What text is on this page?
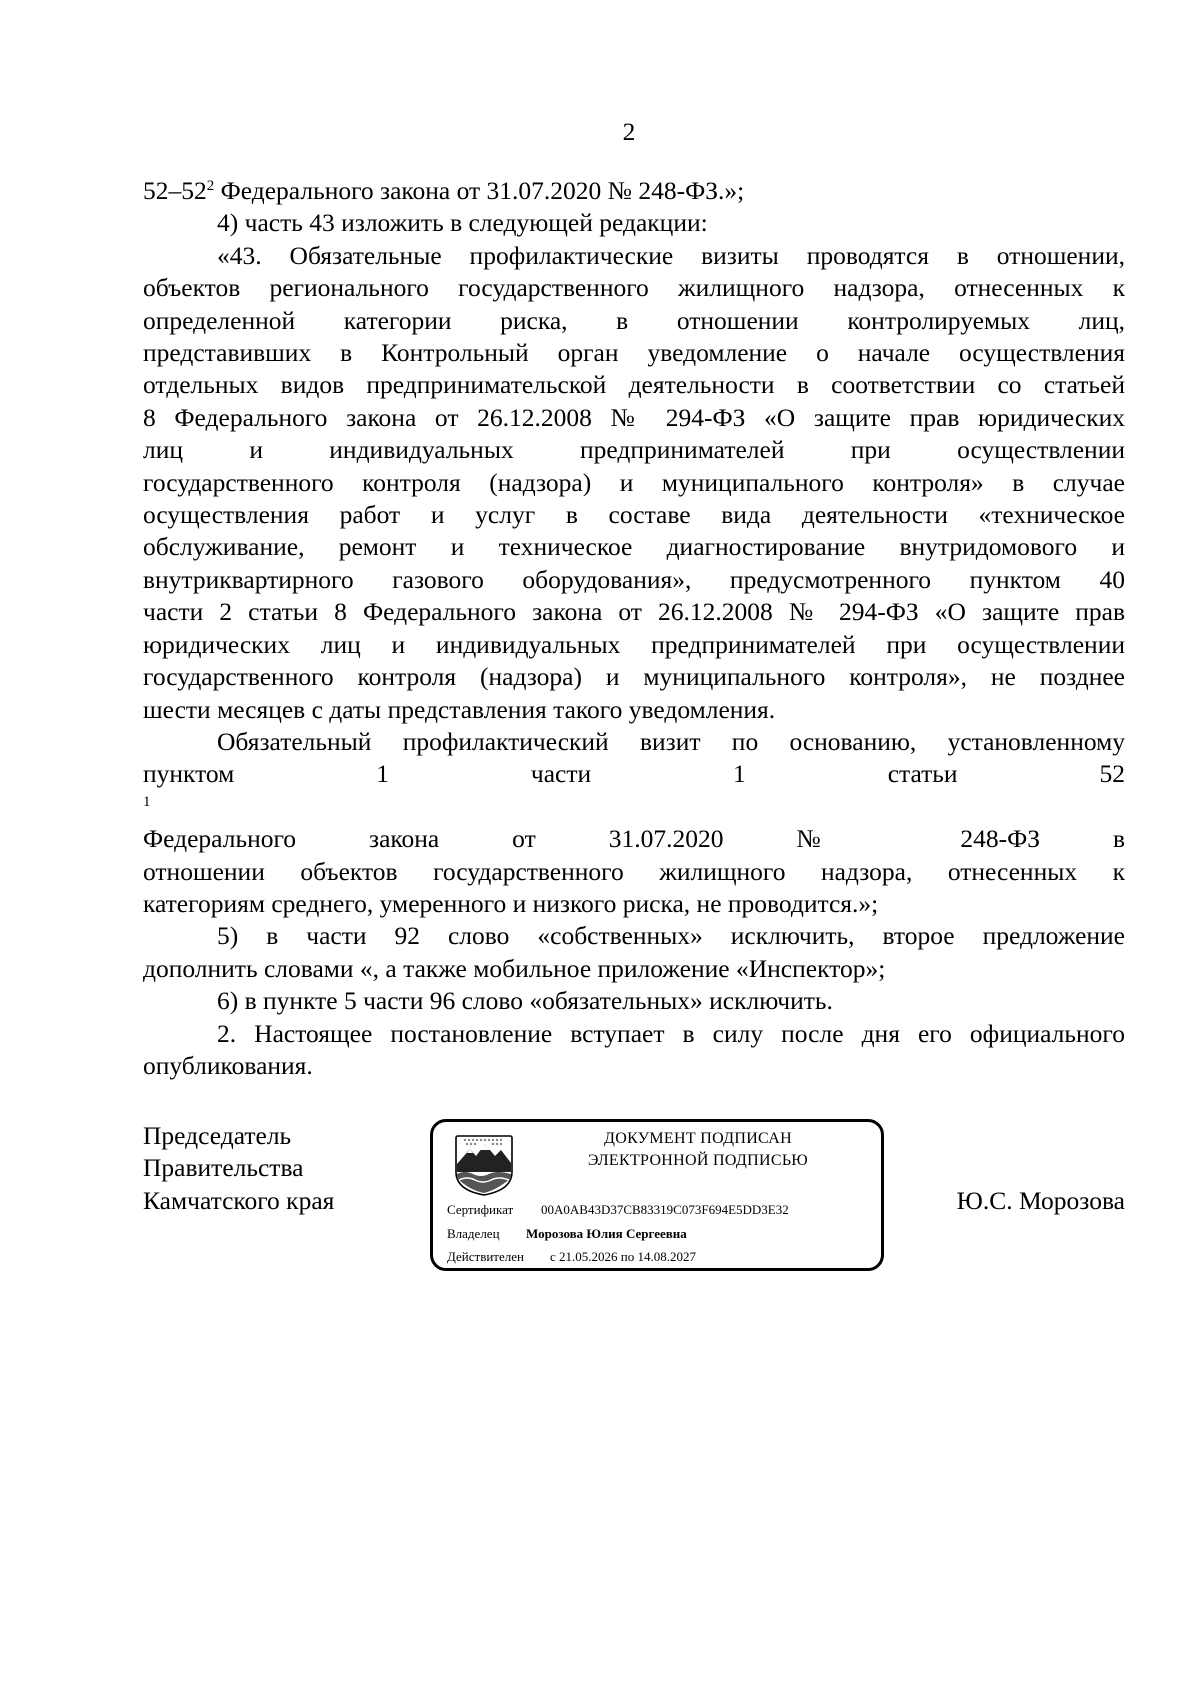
2

$52-52^2$ Федерального закона от 31.07.2020 № 248-ФЗ.»;

4) часть 43 изложить в следующей редакции:

«43. Обязательные профилактические визиты проводятся в отношении,
объектов регионального государственного жилищного надзора, отнесенных к
определенной категории риска, в отношении контролируемых лиц,
представивших в Контрольный орган уведомление о начале осуществления
отдельных видов предпринимательской деятельности в соответствии со статьей
8 Федерального закона от 26.12.2008 № 294-ФЗ «О защите прав юридических
лиц и индивидуальных предпринимателей при осуществлении
государственного контроля (надзора) и муниципального контроля» в случае
осуществления работ и услуг в составе вида деятельности «техническое
обслуживание, ремонт и техническое диагностирование внутридомового и
внутриквартирного газового оборудования», предусмотренного пунктом 40
части 2 статьи 8 Федерального закона от 26.12.2008 № 294-ФЗ «О защите прав
юридических лиц и индивидуальных предпринимателей при осуществлении
государственного контроля (надзора) и муниципального контроля», не позднее
шести месяцев с даты представления такого уведомления.
Обязательный профилактический визит по основанию, установленному
пунктом 1 части 1 статьи 52
$^1$
Федерального закона от 31.07.2020 № 248-ФЗ в
отношении объектов государственного жилищного надзора, отнесенных к
категориям среднего, умеренного и низкого риска, не проводится.»;
5) в части 92 слово «собственных» исключить, второе предложение
дополнить словами «, а также мобильное приложение «Инспектор»;

6) в пункте 5 части 96 слово «обязательных» исключить.

2. Настоящее постановление вступает в силу после дня его официального
опубликования.
Председатель
Правительства
Камчатского края	Ю.С. Морозова
ДОКУМЕНТ ПОДПИСАН
ЭЛЕКТРОННОЙ ПОДПИСЬЮ
Сертификат 00A0AB43D37CB83319C073F694E5DD3E32
Владелец Морозова Юлия Сергеевна
Действителен с 21.05.2026 по 14.08.2027
